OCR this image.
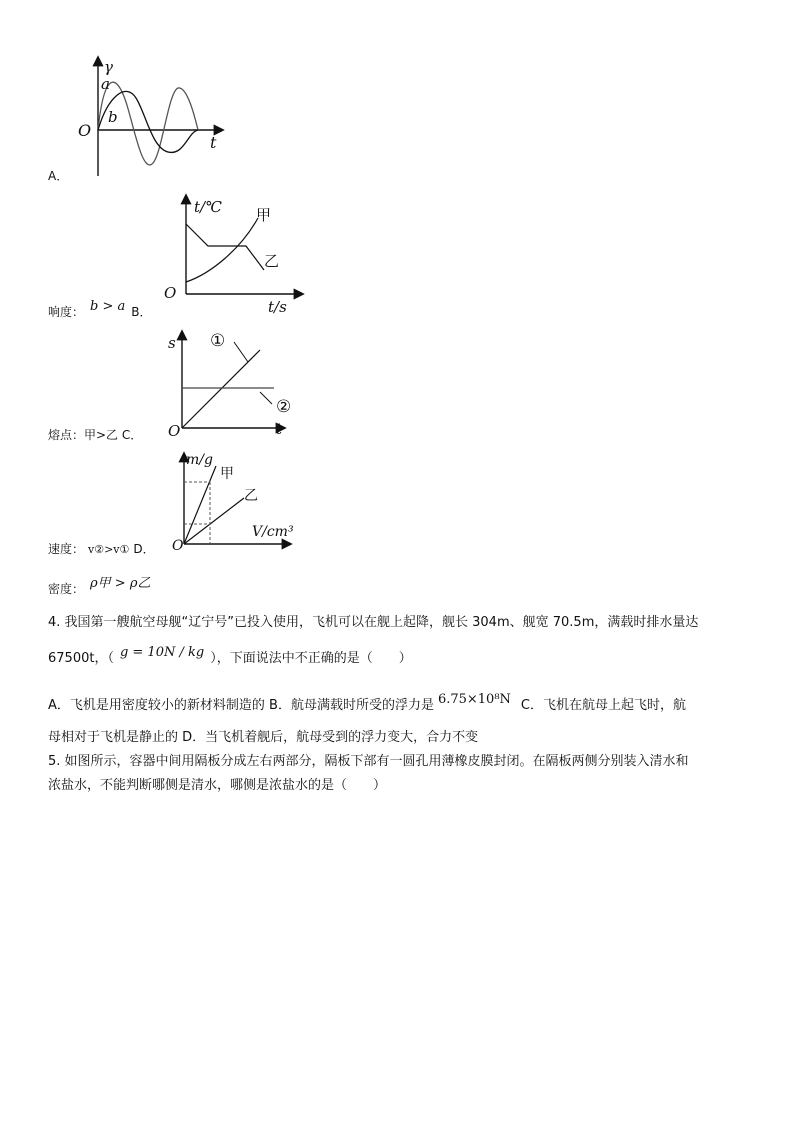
γ
a
b
O
t
A．
t/℃ 甲
乙
O
t/s
响度： b > a B．
s ①
②
O	t
熔点：甲>乙 C．
m/g
甲
乙
O
V/cm³
速度： v②>v① D．
密度： ρ甲 > ρ乙
4. 我国第一艘航空母舰“辽宁号”已投入使用，飞机可以在舰上起降，舰长 304m、舰宽 70.5m，满载时排水量达
67500t，（ g = 10N / kg ），下面说法中不正确的是（　　）
A．飞机是用密度较小的新材料制造的 B．航母满载时所受的浮力是 6.75×10⁸N C．飞机在航母上起飞时，航
母相对于飞机是静止的 D．当飞机着舰后，航母受到的浮力变大，合力不变
5. 如图所示，容器中间用隔板分成左右两部分，隔板下部有一圆孔用薄橡皮膜封闭。在隔板两侧分别装入清水和
浓盐水，不能判断哪侧是清水，哪侧是浓盐水的是（　　）
